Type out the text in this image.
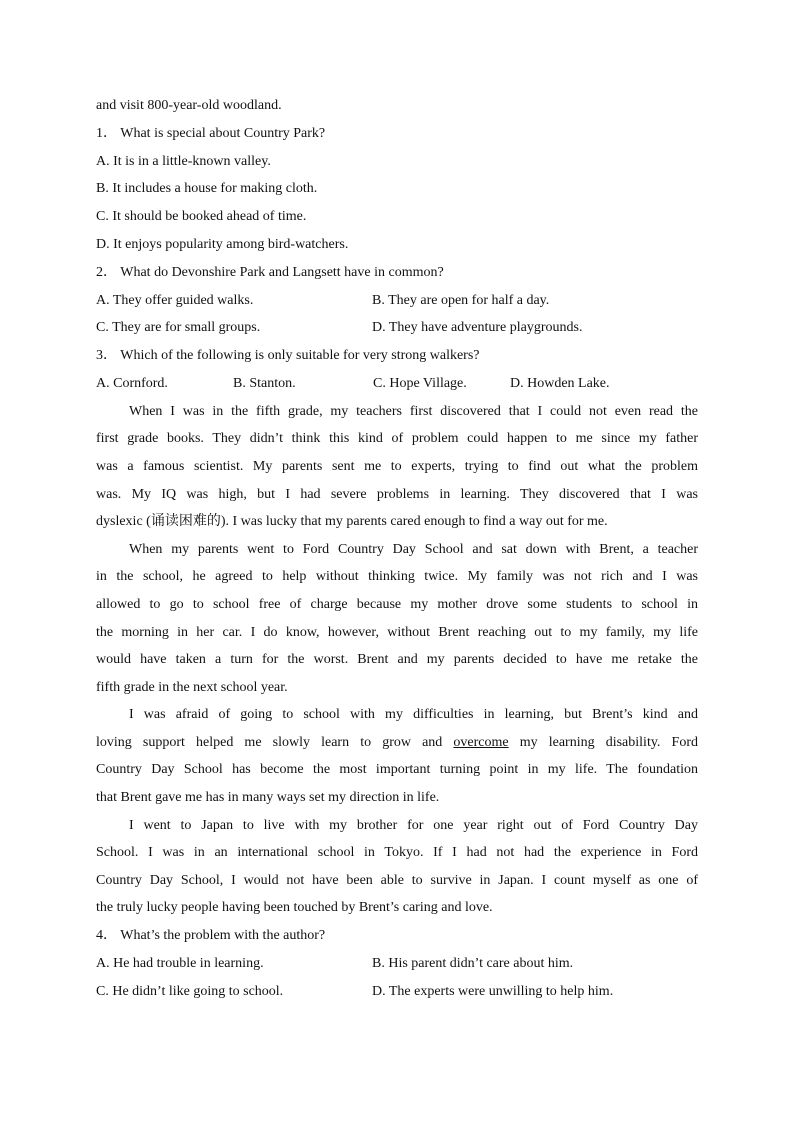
and visit 800-year-old woodland.
1． What is special about Country Park?
A. It is in a little-known valley.
B. It includes a house for making cloth.
C. It should be booked ahead of time.
D. It enjoys popularity among bird-watchers.
2． What do Devonshire Park and Langsett have in common?
A. They offer guided walks.	B. They are open for half a day.
C. They are for small groups.	D. They have adventure playgrounds.
3． Which of the following is only suitable for very strong walkers?
A. Cornford.	B. Stanton.	C. Hope Village.	D. Howden Lake.

When I was in the fifth grade, my teachers first discovered that I could not even read the

first grade books. They didn’t think this kind of problem could happen to me since my father

was a famous scientist. My parents sent me to experts, trying to find out what the problem

was. My IQ was high, but I had severe problems in learning. They discovered that I was

dyslexic (诵读困难的). I was lucky that my parents cared enough to find a way out for me.

When my parents went to Ford Country Day School and sat down with Brent, a teacher

in the school, he agreed to help without thinking twice. My family was not rich and I was

allowed to go to school free of charge because my mother drove some students to school in

the morning in her car. I do know, however, without Brent reaching out to my family, my life

would have taken a turn for the worst. Brent and my parents decided to have me retake the

fifth grade in the next school year.

I was afraid of going to school with my difficulties in learning, but Brent’s kind and

loving support helped me slowly learn to grow and overcome my learning disability. Ford

Country Day School has become the most important turning point in my life. The foundation

that Brent gave me has in many ways set my direction in life.

I went to Japan to live with my brother for one year right out of Ford Country Day

School. I was in an international school in Tokyo. If I had not had the experience in Ford

Country Day School, I would not have been able to survive in Japan. I count myself as one of

the truly lucky people having been touched by Brent’s caring and love.

4． What’s the problem with the author?
A. He had trouble in learning.	B. His parent didn’t care about him.
C. He didn’t like going to school.	D. The experts were unwilling to help him.
